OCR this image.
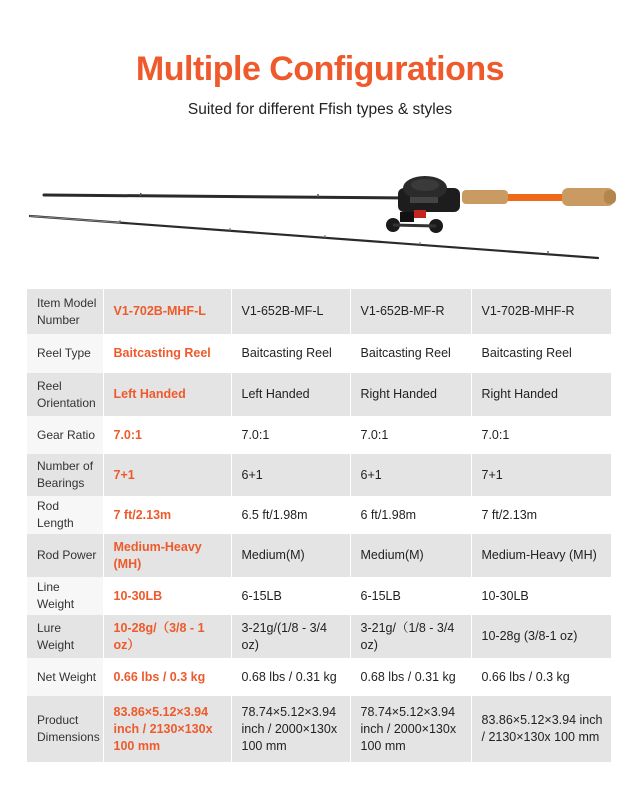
Multiple Configurations

Suited for different Ffish types & styles

Item Model Number	V1-702B-MHF-L	V1-652B-MF-L	V1-652B-MF-R	V1-702B-MHF-R
Reel Type	Baitcasting Reel	Baitcasting Reel	Baitcasting Reel	Baitcasting Reel
Reel Orientation	Left Handed	Left Handed	Right Handed	Right Handed
Gear Ratio	7.0:1	7.0:1	7.0:1	7.0:1
Number of Bearings	7+1	6+1	6+1	7+1
Rod Length	7 ft/2.13m	6.5 ft/1.98m	6 ft/1.98m	7 ft/2.13m
Rod Power	Medium-Heavy (MH)	Medium(M)	Medium(M)	Medium-Heavy (MH)
Line Weight	10-30LB	6-15LB	6-15LB	10-30LB
Lure Weight	10-28g/（3/8 - 1 oz）	3-21g/(1/8 - 3/4 oz)	3-21g/（1/8 - 3/4 oz)	10-28g (3/8-1 oz)
Net Weight	0.66 lbs / 0.3 kg	0.68 lbs / 0.31 kg	0.68 lbs / 0.31 kg	0.66 lbs / 0.3 kg
Product Dimensions	83.86×5.12×3.94 inch / 2130×130x 100 mm	78.74×5.12×3.94 inch / 2000×130x 100 mm	78.74×5.12×3.94 inch / 2000×130x 100 mm	83.86×5.12×3.94 inch / 2130×130x 100 mm
